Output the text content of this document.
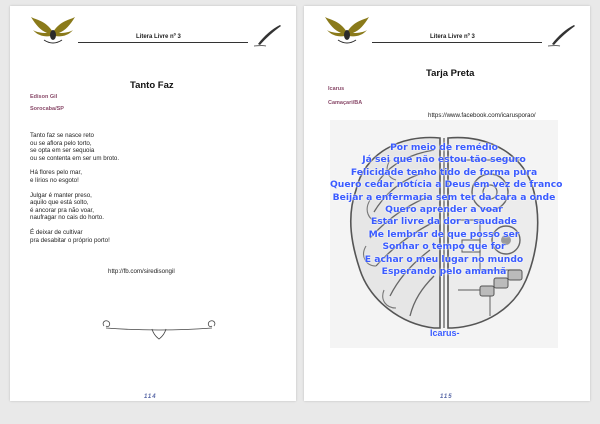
Litera Livre nº 3
Tanto Faz
Edison Gil
Sorocaba/SP
Tanto faz se nasce reto
ou se aflora pelo torto,
se opta em ser sequoia
ou se contenta em ser um broto.
Há flores pelo mar,
e lírios no esgoto!
Julgar é manter preso,
aquilo que está solto,
é ancorar pra não voar,
naufragar no cais do horto.
É deixar de cultivar
pra desabitar o próprio porto!
http://fb.com/siredisongil
114
Litera Livre nº 3
Tarja Preta
Icarus
Camaçari/BA
https://www.facebook.com/icarusporao/
115
Por meio de remédio
Já sei que não estou tão seguro
Felicidade tenho tido de forma pura
Quero cedar notícia a Deus em vez de franco
Beijar a enfermaria sem ter da cara a onde
Quero aprender a voar
Estar livre da dor a saudade
Me lembrar de que posso ser
Sonhar o tempo que for
E achar o meu lugar no mundo
Esperando pelo amanhã
Icarus-
